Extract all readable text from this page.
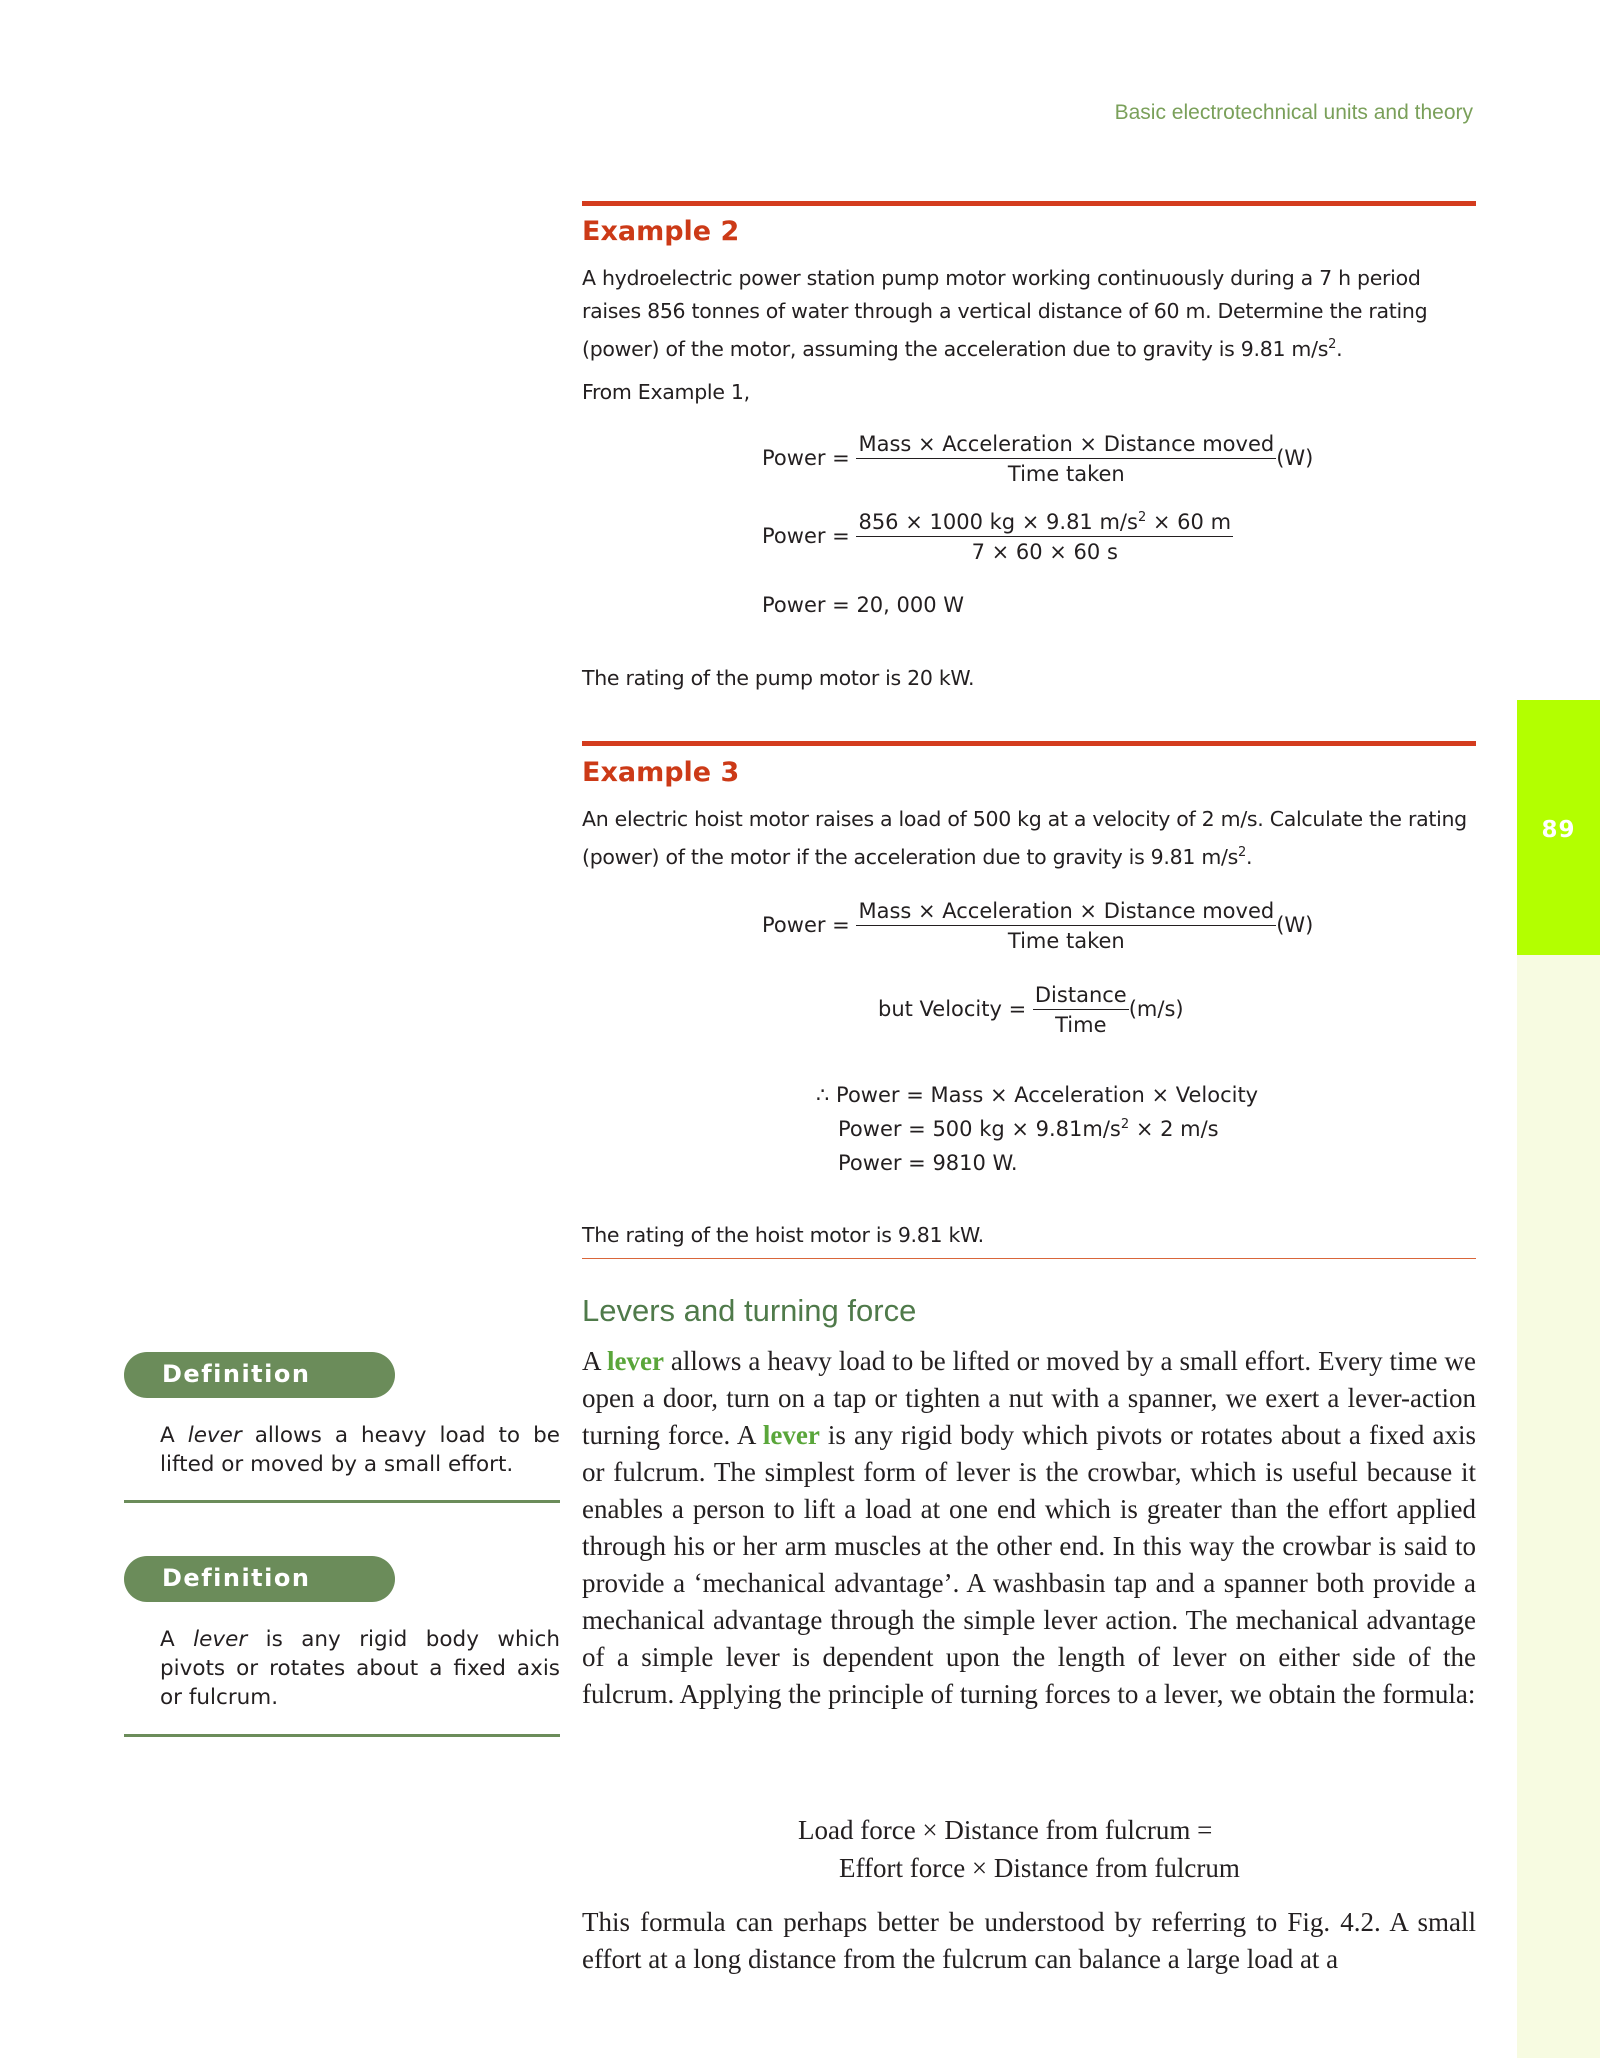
Basic electrotechnical units and theory
89
Example 2
A hydroelectric power station pump motor working continuously during a 7 h period raises 856 tonnes of water through a vertical distance of 60 m. Determine the rating (power) of the motor, assuming the acceleration due to gravity is 9.81 $m/s^2$.
From Example 1,
Power = $\frac{\text{Mass × Acceleration × Distance moved}}{\text{Time taken}} (W)$
Power = $\frac{856 \times 1000 kg \times 9.81 m/s^2 \times 60 m}{7 \times 60 \times 60 s}$
Power = 20, 000 W
The rating of the pump motor is 20 kW.
Example 3
An electric hoist motor raises a load of 500 kg at a velocity of 2 m/s. Calculate the rating (power) of the motor if the acceleration due to gravity is 9.81 $m/s^2$.
Power = $\frac{\text{Mass × Acceleration × Distance moved}}{\text{Time taken}} (W)$
but Velocity = $\frac{\text{Distance}}{\text{Time}} (m/s)$
∴ Power = Mass × Acceleration × Velocity
Power = 500 kg × $9.81m/s^2 \times 2$ m/s
Power = 9810 W.
The rating of the hoist motor is 9.81 kW.
Levers and turning force
A lever allows a heavy load to be lifted or moved by a small effort. Every time we open a door, turn on a tap or tighten a nut with a spanner, we exert a lever-action turning force. A lever is any rigid body which pivots or rotates about a fixed axis or fulcrum. The simplest form of lever is the crowbar, which is useful because it enables a person to lift a load at one end which is greater than the effort applied through his or her arm muscles at the other end. In this way the crowbar is said to provide a ‘mechanical advantage’. A washbasin tap and a spanner both provide a mechanical advantage through the simple lever action. The mechanical advantage of a simple lever is dependent upon the length of lever on either side of the fulcrum. Applying the principle of turning forces to a lever, we obtain the formula:
Load force × Distance from fulcrum =
Effort force × Distance from fulcrum
This formula can perhaps better be understood by referring to Fig. 4.2. A small effort at a long distance from the fulcrum can balance a large load at a
Definition
A lever allows a heavy load to be lifted or moved by a small effort.
Definition
A lever is any rigid body which pivots or rotates about a fixed axis or fulcrum.
